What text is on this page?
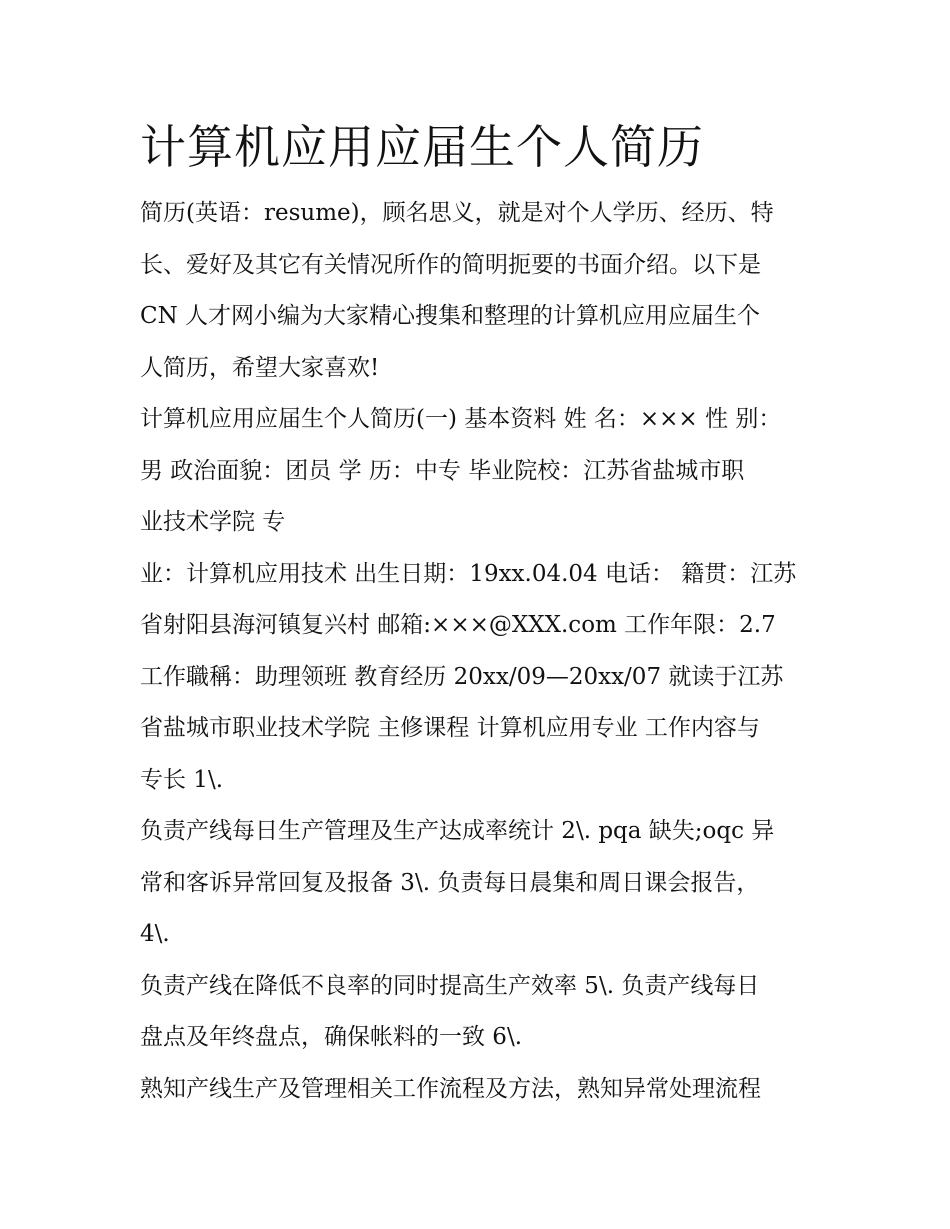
计算机应用应届生个人简历

简历(英语：resume)，顾名思义，就是对个人学历、经历、特
长、爱好及其它有关情况所作的简明扼要的书面介绍。以下是
CN 人才网小编为大家精心搜集和整理的计算机应用应届生个
人简历，希望大家喜欢!

计算机应用应届生个人简历(一) 基本资料 姓 名：××× 性 别：
男 政治面貌：团员 学 历：中专 毕业院校：江苏省盐城市职
业技术学院 专

业：计算机应用技术 出生日期：19xx.04.04 电话： 籍贯：江苏
省射阳县海河镇复兴村 邮箱:×××@XXX.com 工作年限：2.7

工作職稱：助理领班 教育经历 20xx/09—20xx/07 就读于江苏
省盐城市职业技术学院 主修课程 计算机应用专业 工作内容与
专长 1\.

负责产线每日生产管理及生产达成率统计 2\. pqa 缺失;oqc 异
常和客诉异常回复及报备 3\. 负责每日晨集和周日课会报告，
4\.

负责产线在降低不良率的同时提高生产效率 5\. 负责产线每日
盘点及年终盘点，确保帐料的一致 6\.

熟知产线生产及管理相关工作流程及方法，熟知异常处理流程
